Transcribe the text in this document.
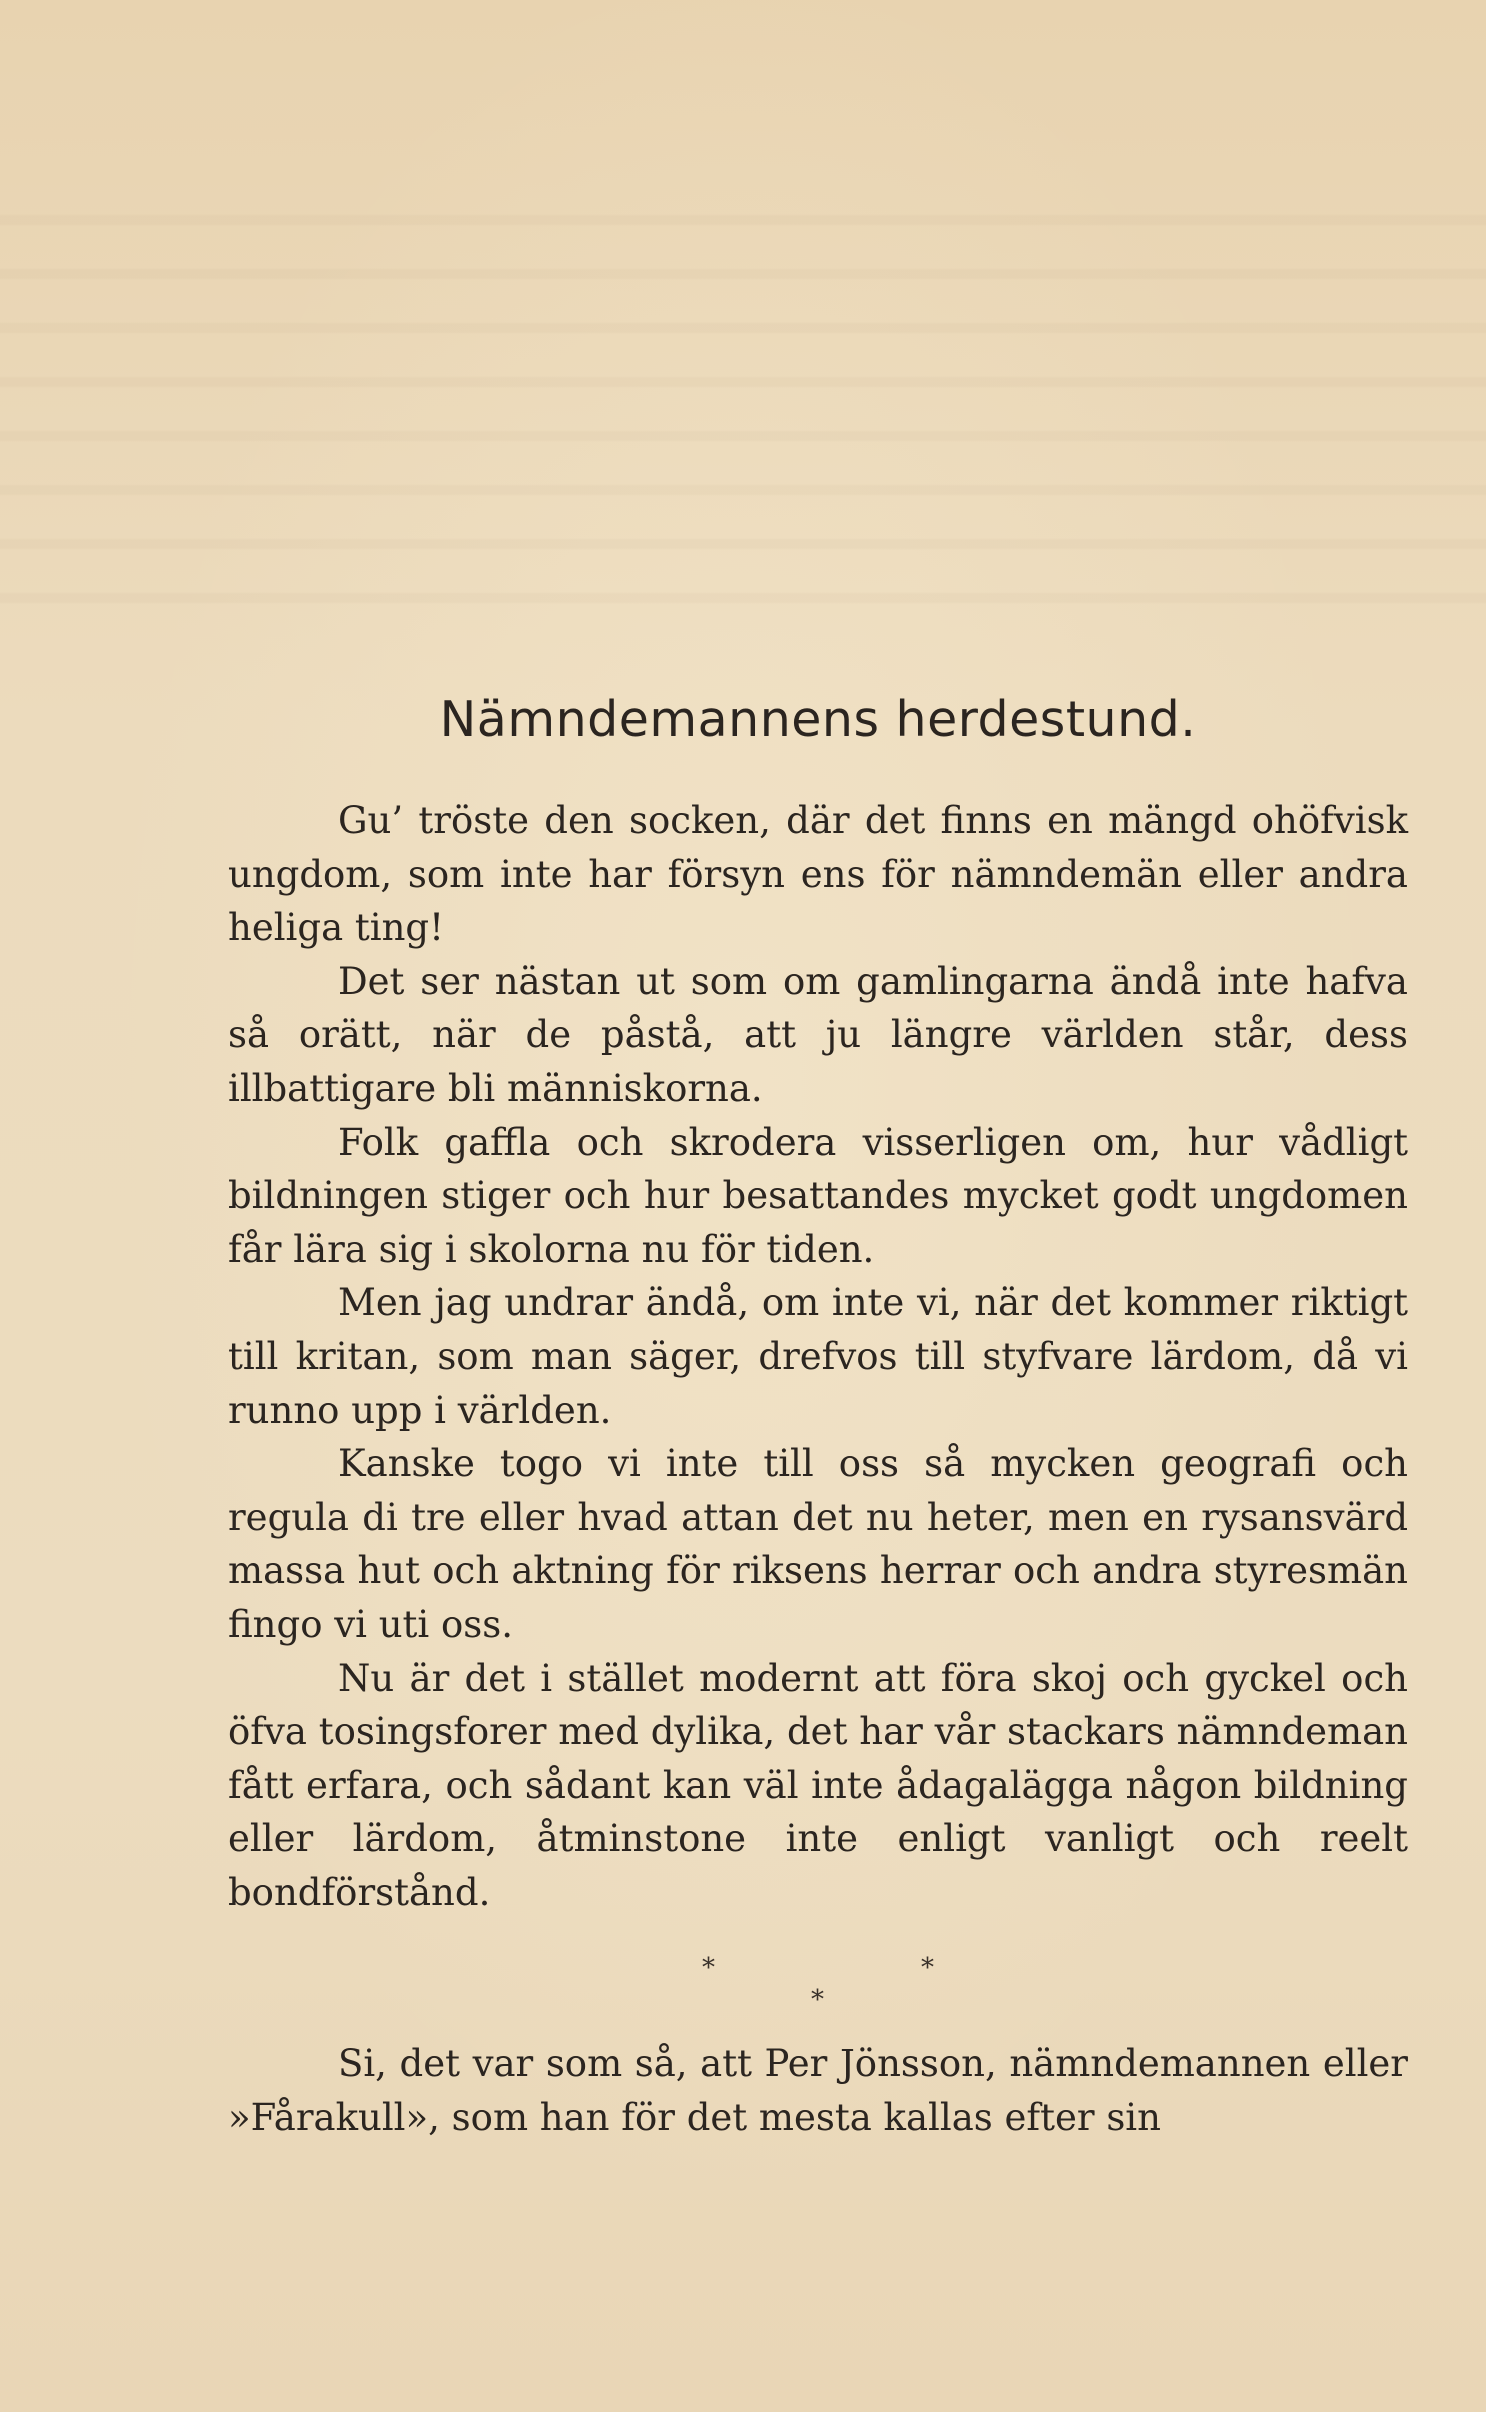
Nämndemannens herdestund.

Gu’ tröste den socken, där det finns en mängd ohöfvisk ungdom, som inte har försyn ens för nämndemän eller andra heliga ting!

Det ser nästan ut som om gamlingarna ändå inte hafva så orätt, när de påstå, att ju längre världen står, dess illbattigare bli människorna.

Folk gaffla och skrodera visserligen om, hur vådligt bildningen stiger och hur besattandes mycket godt ungdomen får lära sig i skolorna nu för tiden.

Men jag undrar ändå, om inte vi, när det kommer riktigt till kritan, som man säger, drefvos till styfvare lärdom, då vi runno upp i världen.

Kanske togo vi inte till oss så mycken geografi och regula di tre eller hvad attan det nu heter, men en rysansvärd massa hut och aktning för riksens herrar och andra styresmän fingo vi uti oss.

Nu är det i stället modernt att föra skoj och gyckel och öfva tosingsforer med dylika, det har vår stackars nämndeman fått erfara, och sådant kan väl inte ådagalägga någon bildning eller lärdom, åtminstone inte enligt vanligt och reelt bondförstånd.

*	*
*

Si, det var som så, att Per Jönsson, nämndemannen eller »Fårakull», som han för det mesta kallas efter sin
